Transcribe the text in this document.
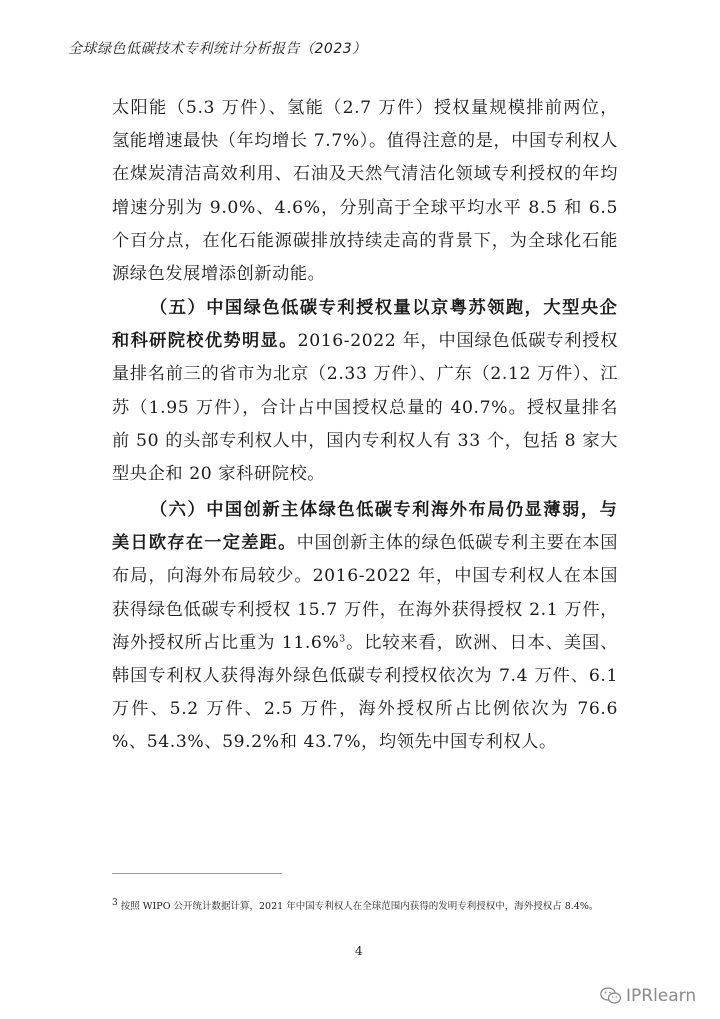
全球绿色低碳技术专利统计分析报告（2023）
太阳能（5.3 万件）、氢能（2.7 万件）授权量规模排前两位，氢能增速最快（年均增长 7.7%）。值得注意的是，中国专利权人在煤炭清洁高效利用、石油及天然气清洁化领域专利授权的年均增速分别为 9.0%、4.6%，分别高于全球平均水平 8.5 和 6.5 个百分点，在化石能源碳排放持续走高的背景下，为全球化石能源绿色发展增添创新动能。
（五）中国绿色低碳专利授权量以京粤苏领跑，大型央企和科研院校优势明显。2016-2022 年，中国绿色低碳专利授权量排名前三的省市为北京（2.33 万件）、广东（2.12 万件）、江苏（1.95 万件），合计占中国授权总量的 40.7%。授权量排名前 50 的头部专利权人中，国内专利权人有 33 个，包括 8 家大型央企和 20 家科研院校。
（六）中国创新主体绿色低碳专利海外布局仍显薄弱，与美日欧存在一定差距。中国创新主体的绿色低碳专利主要在本国布局，向海外布局较少。2016-2022 年，中国专利权人在本国获得绿色低碳专利授权 15.7 万件，在海外获得授权 2.1 万件，海外授权所占比重为 11.6%$^3$。比较来看，欧洲、日本、美国、韩国专利权人获得海外绿色低碳专利授权依次为 7.4 万件、6.1 万件、5.2 万件、2.5 万件，海外授权所占比例依次为 76.6 %、54.3%、59.2%和 43.7%，均领先中国专利权人。
3 按照 WIPO 公开统计数据计算，2021 年中国专利权人在全球范围内获得的发明专利授权中，海外授权占 8.4%。
4
IPRlearn
